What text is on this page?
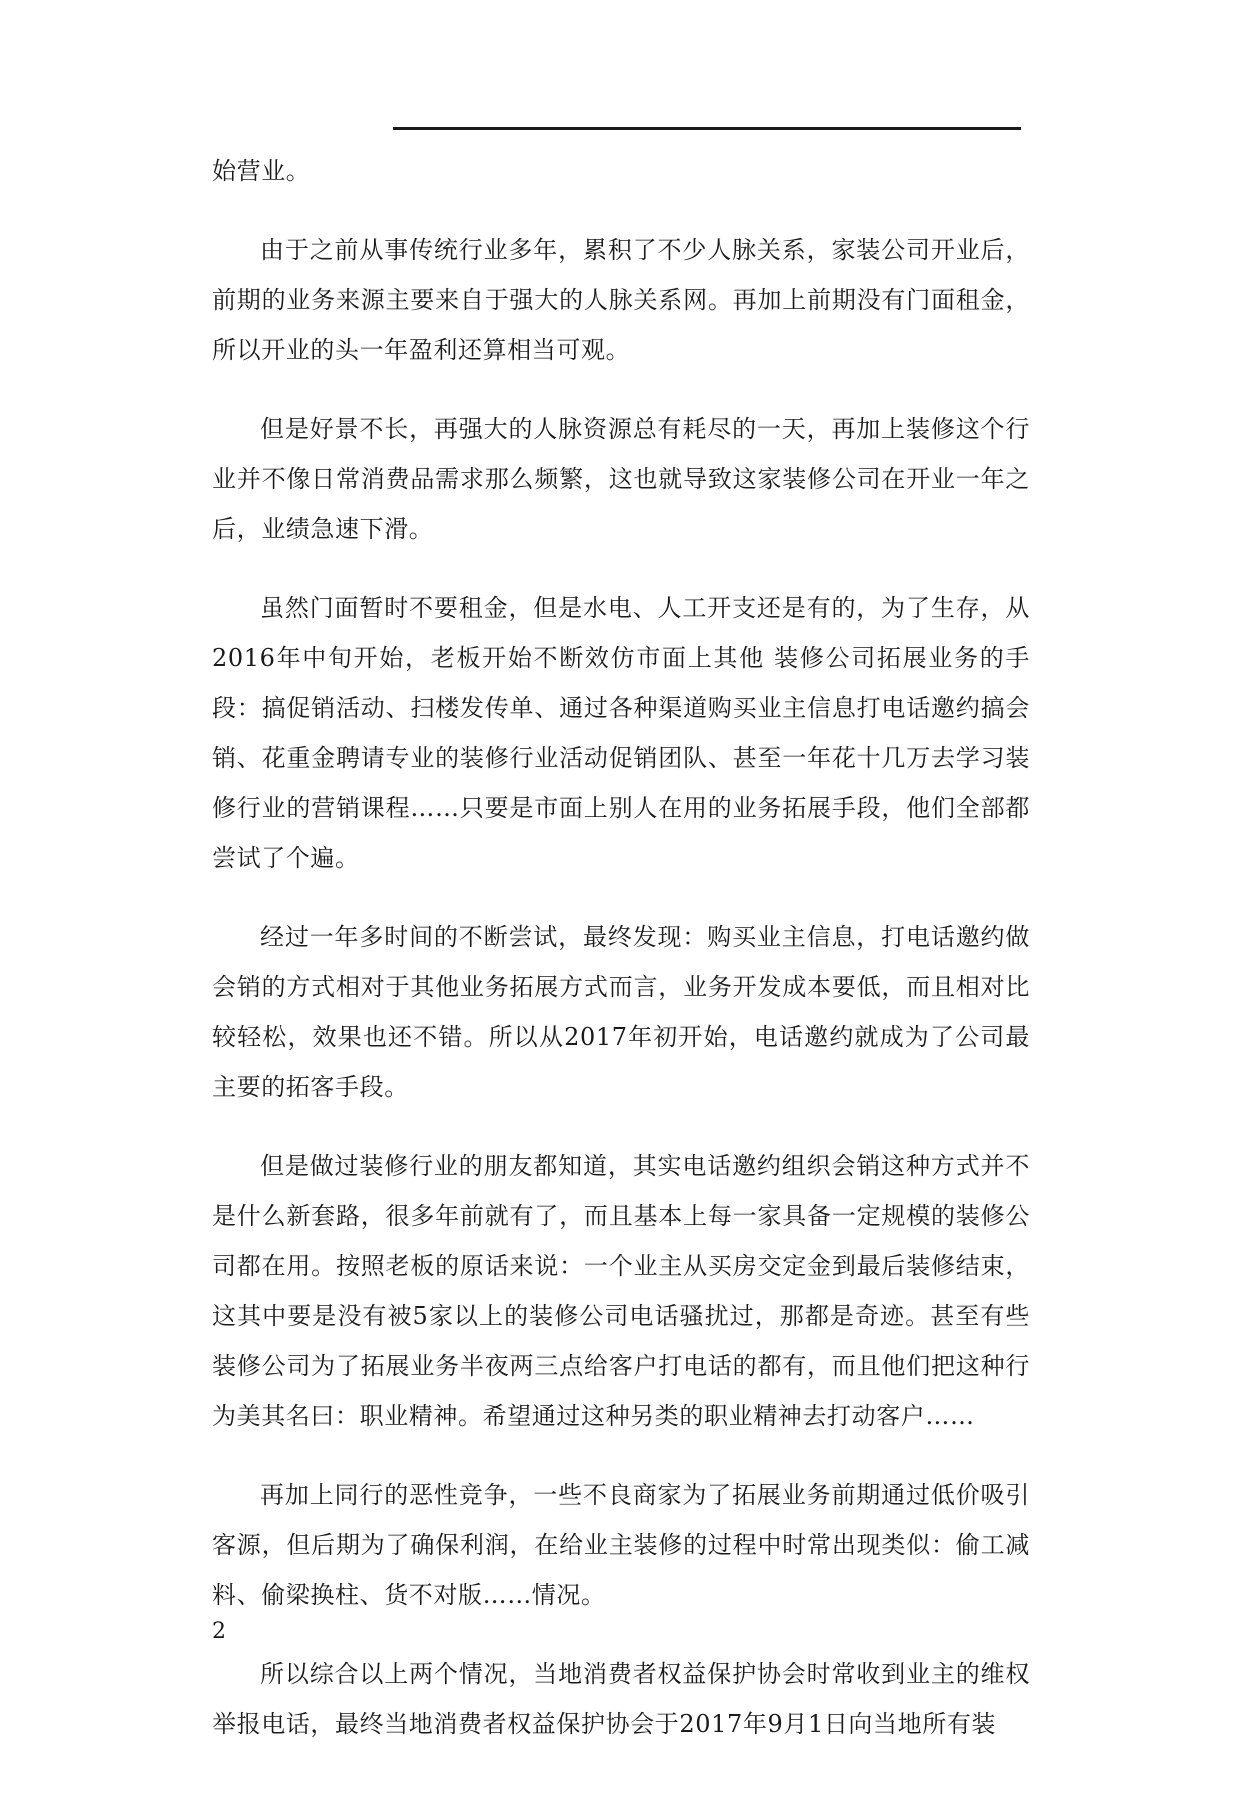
始营业。

由于之前从事传统行业多年，累积了不少人脉关系，家装公司开业后，前期的业务来源主要来自于强大的人脉关系网。再加上前期没有门面租金，所以开业的头一年盈利还算相当可观。

但是好景不长，再强大的人脉资源总有耗尽的一天，再加上装修这个行业并不像日常消费品需求那么频繁，这也就导致这家装修公司在开业一年之后，业绩急速下滑。

虽然门面暂时不要租金，但是水电、人工开支还是有的，为了生存，从2016年中旬开始，老板开始不断效仿市面上其他 装修公司拓展业务的手段：搞促销活动、扫楼发传单、通过各种渠道购买业主信息打电话邀约搞会销、花重金聘请专业的装修行业活动促销团队、甚至一年花十几万去学习装修行业的营销课程……只要是市面上别人在用的业务拓展手段，他们全部都尝试了个遍。

经过一年多时间的不断尝试，最终发现：购买业主信息，打电话邀约做会销的方式相对于其他业务拓展方式而言，业务开发成本要低，而且相对比较轻松，效果也还不错。所以从2017年初开始，电话邀约就成为了公司最主要的拓客手段。

但是做过装修行业的朋友都知道，其实电话邀约组织会销这种方式并不是什么新套路，很多年前就有了，而且基本上每一家具备一定规模的装修公司都在用。按照老板的原话来说：一个业主从买房交定金到最后装修结束，这其中要是没有被5家以上的装修公司电话骚扰过，那都是奇迹。甚至有些装修公司为了拓展业务半夜两三点给客户打电话的都有，而且他们把这种行为美其名曰：职业精神。希望通过这种另类的职业精神去打动客户……

再加上同行的恶性竞争，一些不良商家为了拓展业务前期通过低价吸引客源，但后期为了确保利润，在给业主装修的过程中时常出现类似：偷工减料、偷梁换柱、货不对版……情况。

所以综合以上两个情况，当地消费者权益保护协会时常收到业主的维权举报电话，最终当地消费者权益保护协会于2017年9月1日向当地所有装

2
